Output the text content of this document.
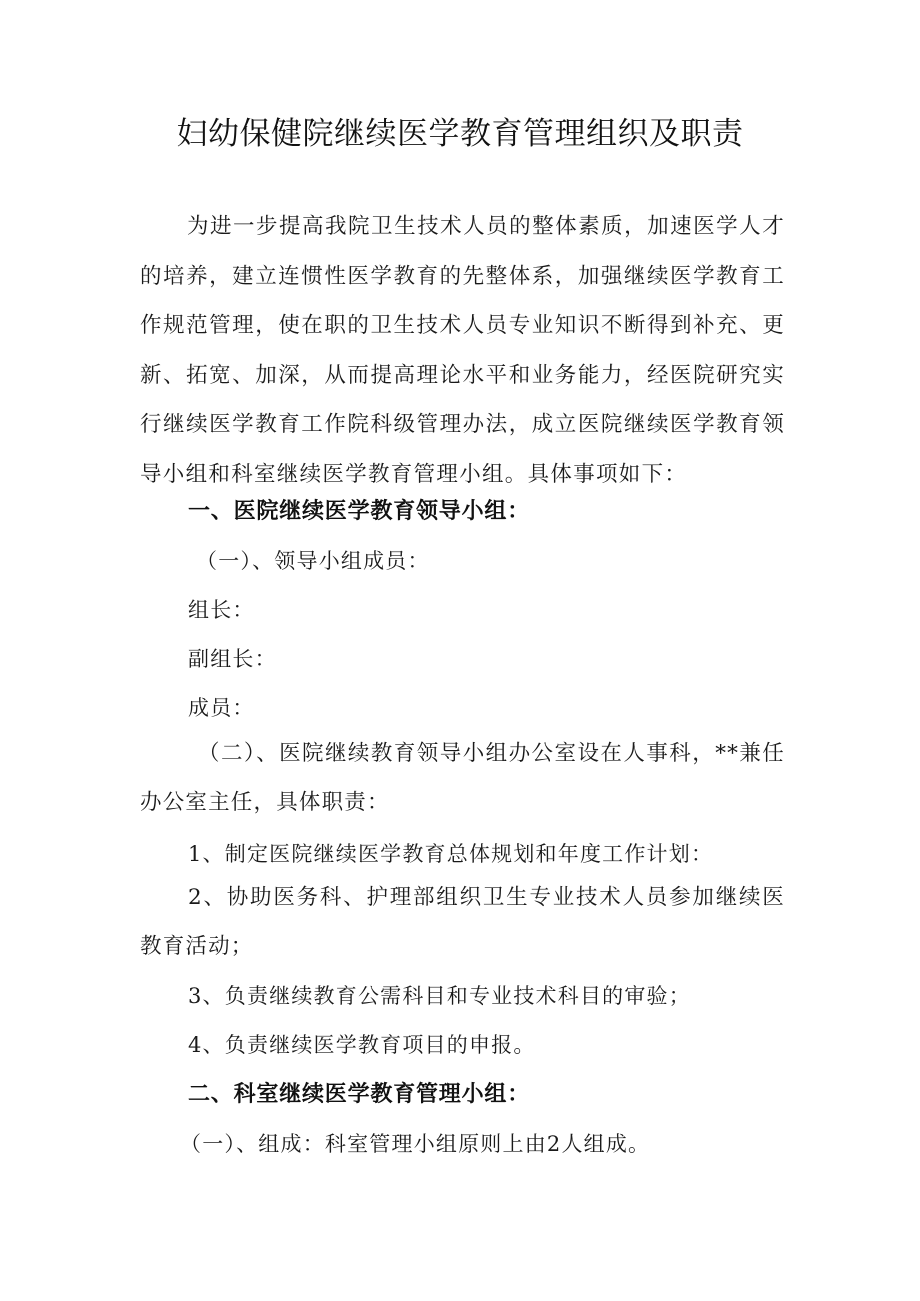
妇幼保健院继续医学教育管理组织及职责
为进一步提高我院卫生技术人员的整体素质，加速医学人才的培养，建立连惯性医学教育的先整体系，加强继续医学教育工作规范管理，使在职的卫生技术人员专业知识不断得到补充、更新、拓宽、加深，从而提高理论水平和业务能力，经医院研究实行继续医学教育工作院科级管理办法，成立医院继续医学教育领导小组和科室继续医学教育管理小组。具体事项如下：
一、医院继续医学教育领导小组：
（一）、领导小组成员：
组长：
副组长：
成员：
（二）、医院继续教育领导小组办公室设在人事科，**兼任办公室主任，具体职责：
1、制定医院继续医学教育总体规划和年度工作计划：
2、协助医务科、护理部组织卫生专业技术人员参加继续医教育活动；
3、负责继续教育公需科目和专业技术科目的审验；
4、负责继续医学教育项目的申报。
二、科室继续医学教育管理小组：
（一）、组成：科室管理小组原则上由2人组成。
